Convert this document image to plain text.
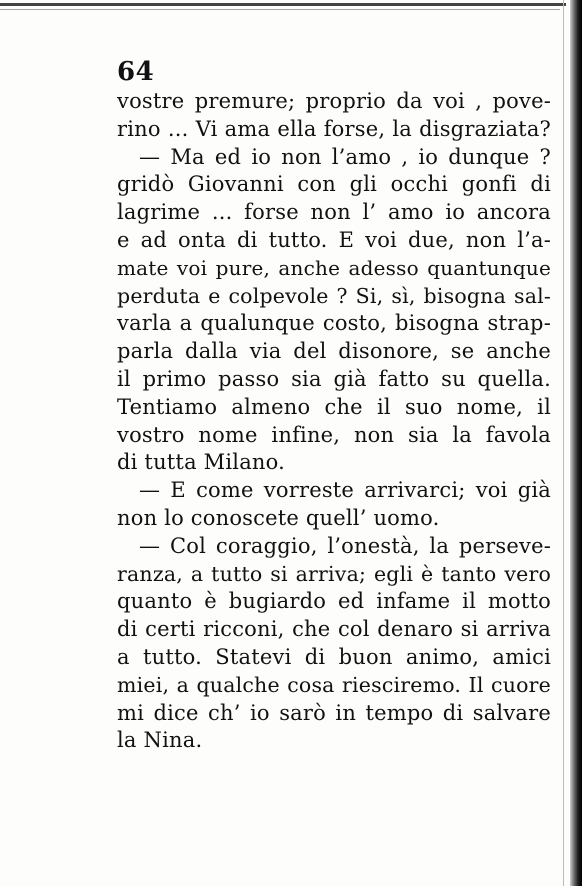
64
vostre premure; proprio da voi , pove-
rino ... Vi ama ella forse, la disgraziata?
— Ma ed io non l’amo , io dunque ?
gridò Giovanni con gli occhi gonfi di
lagrime ... forse non l’ amo io ancora
e ad onta di tutto. E voi due, non l’a-
mate voi pure, anche adesso quantunque
perduta e colpevole ? Si, sì, bisogna sal-
varla a qualunque costo, bisogna strap-
parla dalla via del disonore, se anche
il primo passo sia già fatto su quella.
Tentiamo almeno che il suo nome, il
vostro nome infine, non sia la favola
di tutta Milano.
— E come vorreste arrivarci; voi già
non lo conoscete quell’ uomo.
— Col coraggio, l’onestà, la perseve-
ranza, a tutto si arriva; egli è tanto vero
quanto è bugiardo ed infame il motto
di certi ricconi, che col denaro si arriva
a tutto. Statevi di buon animo, amici
miei, a qualche cosa riesciremo. Il cuore
mi dice ch’ io sarò in tempo di salvare
la Nina.
